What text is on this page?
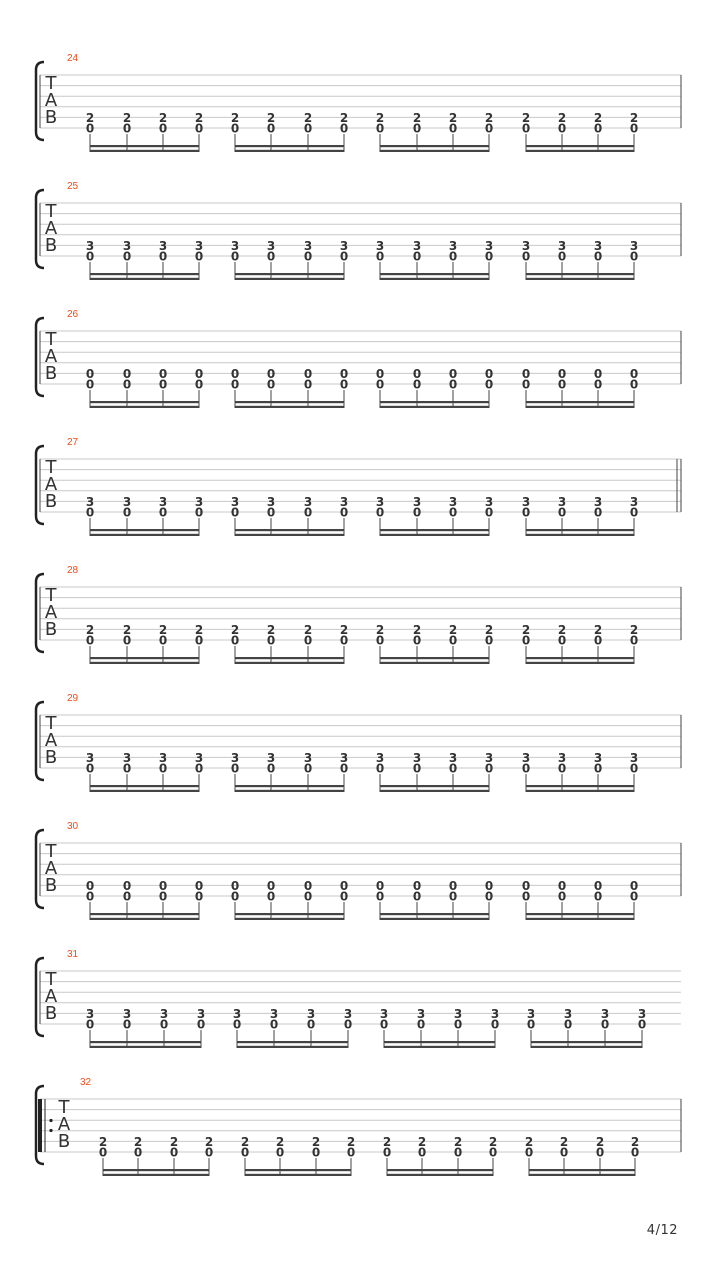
24
T
A
B 2
0
2
0
2
0
2
0
2
0
2
0
2
0
2
0
2
0
2
0
2
0
2
0
2
0
2
0
2
0
2
0
25
T
A
B 3
0
3
0
3
0
3
0
3
0
3
0
3
0
3
0
3
0
3
0
3
0
3
0
3
0
3
0
3
0
3
0
26
T
A
B 0
0
0
0
0
0
0
0
0
0
0
0
0
0
0
0
0
0
0
0
0
0
0
0
0
0
0
0
0
0
0
0
27
T
A
B 3
0
3
0
3
0
3
0
3
0
3
0
3
0
3
0
3
0
3
0
3
0
3
0
3
0
3
0
3
0
3
0
28
T
A
B 2
0
2
0
2
0
2
0
2
0
2
0
2
0
2
0
2
0
2
0
2
0
2
0
2
0
2
0
2
0
2
0
29
T
A
B 3
0
3
0
3
0
3
0
3
0
3
0
3
0
3
0
3
0
3
0
3
0
3
0
3
0
3
0
3
0
3
0
30
T
A
B 0
0
0
0
0
0
0
0
0
0
0
0
0
0
0
0
0
0
0
0
0
0
0
0
0
0
0
0
0
0
0
0
31
T
A
B 3
0
3
0
3
0
3
0
3
0
3
0
3
0
3
0
3
0
3
0
3
0
3
0
3
0
3
0
3
0
3
0
32
T
A
B 2
0
2
0
2
0
2
0
2
0
2
0
2
0
2
0
2
0
2
0
2
0
2
0
2
0
2
0
2
0
2
0
4/12
